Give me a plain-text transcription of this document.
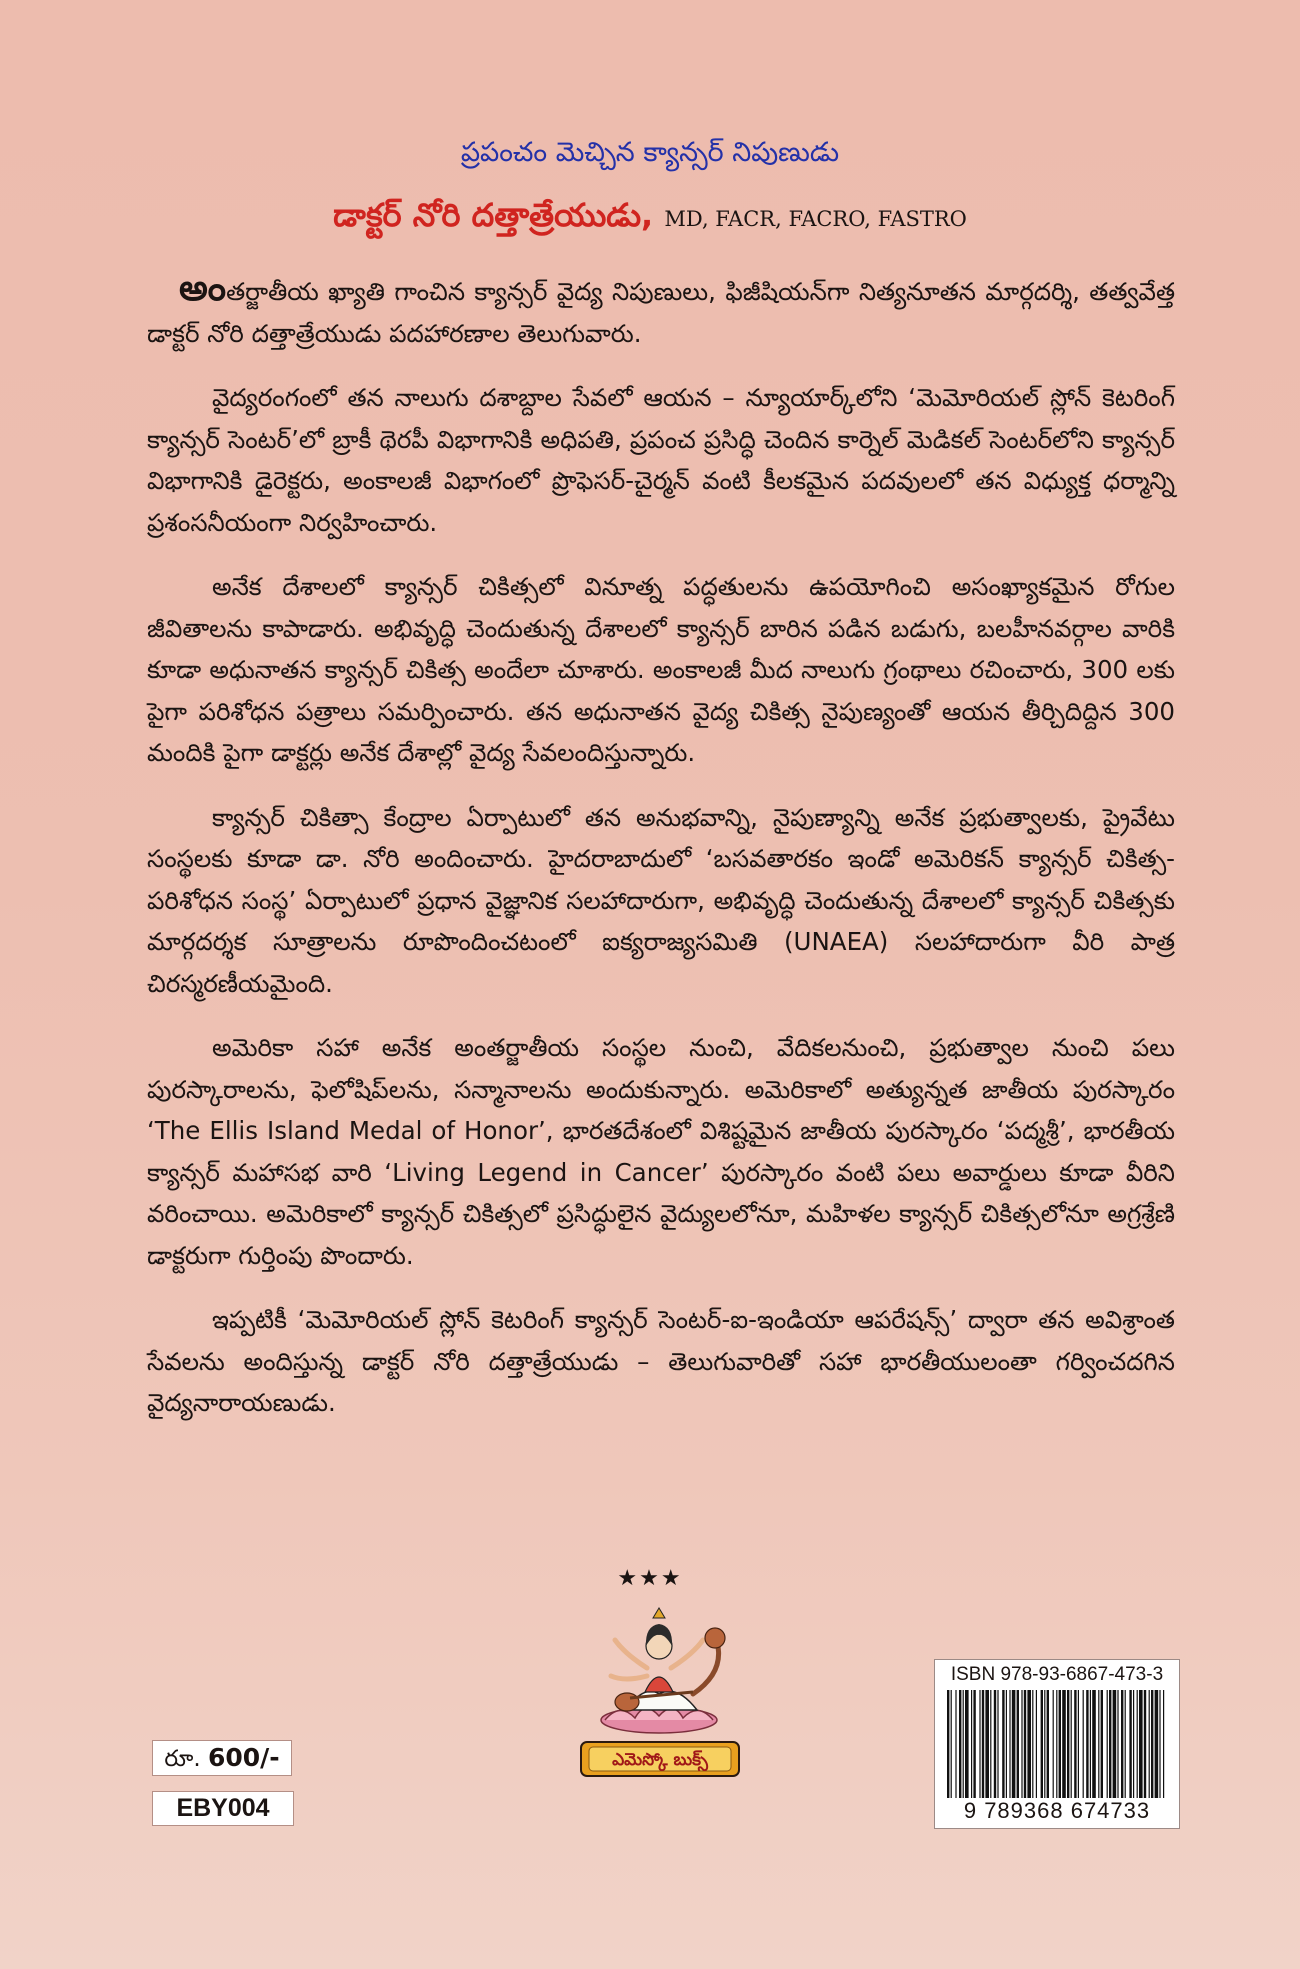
ప్రపంచం మెచ్చిన క్యాన్సర్ నిపుణుడు
డాక్టర్ నోరి దత్తాత్రేయుడు, MD, FACR, FACRO, FASTRO

అంతర్జాతీయ ఖ్యాతి గాంచిన క్యాన్సర్ వైద్య నిపుణులు, ఫిజీషియన్‌గా నిత్యనూతన మార్గదర్శి, తత్వవేత్త డాక్టర్ నోరి దత్తాత్రేయుడు పదహారణాల తెలుగువారు.

వైద్యరంగంలో తన నాలుగు దశాబ్దాల సేవలో ఆయన – న్యూయార్క్‌లోని ‘మెమోరియల్ స్లోన్ కెటరింగ్ క్యాన్సర్ సెంటర్’లో బ్రాకీ థెరపీ విభాగానికి అధిపతి, ప్రపంచ ప్రసిద్ధి చెందిన కార్నెల్ మెడికల్ సెంటర్‌లోని క్యాన్సర్ విభాగానికి డైరెక్టరు, అంకాలజీ విభాగంలో ప్రొఫెసర్-చైర్మన్ వంటి కీలకమైన పదవులలో తన విధ్యుక్త ధర్మాన్ని ప్రశంసనీయంగా నిర్వహించారు.

అనేక దేశాలలో క్యాన్సర్ చికిత్సలో వినూత్న పద్ధతులను ఉపయోగించి అసంఖ్యాకమైన రోగుల జీవితాలను కాపాడారు. అభివృద్ధి చెందుతున్న దేశాలలో క్యాన్సర్ బారిన పడిన బడుగు, బలహీనవర్గాల వారికి కూడా అధునాతన క్యాన్సర్ చికిత్స అందేలా చూశారు. అంకాలజీ మీద నాలుగు గ్రంథాలు రచించారు, 300 లకు పైగా పరిశోధన పత్రాలు సమర్పించారు. తన అధునాతన వైద్య చికిత్స నైపుణ్యంతో ఆయన తీర్చిదిద్దిన 300 మందికి పైగా డాక్టర్లు అనేక దేశాల్లో వైద్య సేవలందిస్తున్నారు.

క్యాన్సర్ చికిత్సా కేంద్రాల ఏర్పాటులో తన అనుభవాన్ని, నైపుణ్యాన్ని అనేక ప్రభుత్వాలకు, ప్రైవేటు సంస్థలకు కూడా డా. నోరి అందించారు. హైదరాబాదులో ‘బసవతారకం ఇండో అమెరికన్ క్యాన్సర్ చికిత్స-పరిశోధన సంస్థ’ ఏర్పాటులో ప్రధాన వైజ్ఞానిక సలహాదారుగా, అభివృద్ధి చెందుతున్న దేశాలలో క్యాన్సర్ చికిత్సకు మార్గదర్శక సూత్రాలను రూపొందించటంలో ఐక్యరాజ్యసమితి (UNAEA) సలహాదారుగా వీరి పాత్ర చిరస్మరణీయమైంది.

అమెరికా సహా అనేక అంతర్జాతీయ సంస్థల నుంచి, వేదికలనుంచి, ప్రభుత్వాల నుంచి పలు పురస్కారాలను, ఫెలోషిప్‌లను, సన్మానాలను అందుకున్నారు. అమెరికాలో అత్యున్నత జాతీయ పురస్కారం ‘The Ellis Island Medal of Honor’, భారతదేశంలో విశిష్టమైన జాతీయ పురస్కారం ‘పద్మశ్రీ’, భారతీయ క్యాన్సర్ మహాసభ వారి ‘Living Legend in Cancer’ పురస్కారం వంటి పలు అవార్డులు కూడా వీరిని వరించాయి. అమెరికాలో క్యాన్సర్ చికిత్సలో ప్రసిద్ధులైన వైద్యులలోనూ, మహిళల క్యాన్సర్ చికిత్సలోనూ అగ్రశ్రేణి డాక్టరుగా గుర్తింపు పొందారు.

ఇప్పటికీ ‘మెమోరియల్ స్లోన్ కెటరింగ్ క్యాన్సర్ సెంటర్-ఐ-ఇండియా ఆపరేషన్స్’ ద్వారా తన అవిశ్రాంత సేవలను అందిస్తున్న డాక్టర్ నోరి దత్తాత్రేయుడు – తెలుగువారితో సహా భారతీయులంతా గర్వించదగిన వైద్యనారాయణుడు.

★★★
ఎమెస్కో బుక్స్
రూ. 600/-
EBY004
ISBN 978-93-6867-473-3
9 789368 674733
